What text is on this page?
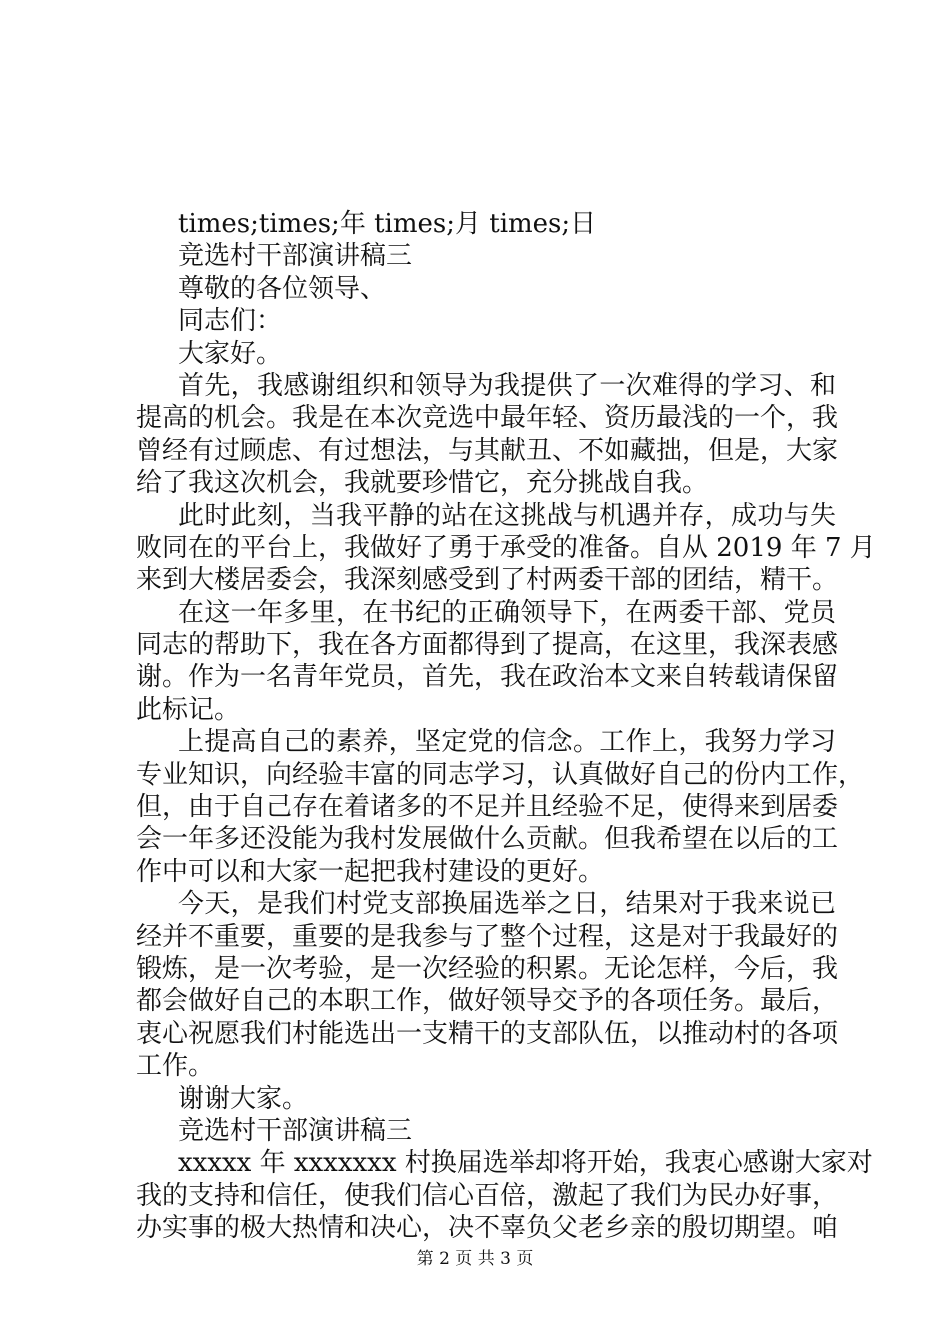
times;times;年 times;月 times;日
竞选村干部演讲稿三
尊敬的各位领导、
同志们：
大家好。
首先，我感谢组织和领导为我提供了一次难得的学习、和
提高的机会。我是在本次竞选中最年轻、资历最浅的一个，我
曾经有过顾虑、有过想法，与其献丑、不如藏拙，但是，大家
给了我这次机会，我就要珍惜它，充分挑战自我。
此时此刻，当我平静的站在这挑战与机遇并存，成功与失
败同在的平台上，我做好了勇于承受的准备。自从 2019 年 7 月
来到大楼居委会，我深刻感受到了村两委干部的团结，精干。
在这一年多里，在书纪的正确领导下，在两委干部、党员
同志的帮助下，我在各方面都得到了提高，在这里，我深表感
谢。作为一名青年党员，首先，我在政治本文来自转载请保留
此标记。
上提高自己的素养，坚定党的信念。工作上，我努力学习
专业知识，向经验丰富的同志学习，认真做好自己的份内工作，
但，由于自己存在着诸多的不足并且经验不足，使得来到居委
会一年多还没能为我村发展做什么贡献。但我希望在以后的工
作中可以和大家一起把我村建设的更好。
今天，是我们村党支部换届选举之日，结果对于我来说已
经并不重要，重要的是我参与了整个过程，这是对于我最好的
锻炼，是一次考验，是一次经验的积累。无论怎样，今后，我
都会做好自己的本职工作，做好领导交予的各项任务。最后，
衷心祝愿我们村能选出一支精干的支部队伍，以推动村的各项
工作。
谢谢大家。
竞选村干部演讲稿三
xxxxx 年 xxxxxxx 村换届选举却将开始，我衷心感谢大家对
我的支持和信任，使我们信心百倍，激起了我们为民办好事，
办实事的极大热情和决心，决不辜负父老乡亲的殷切期望。咱
第 2 页 共 3 页
